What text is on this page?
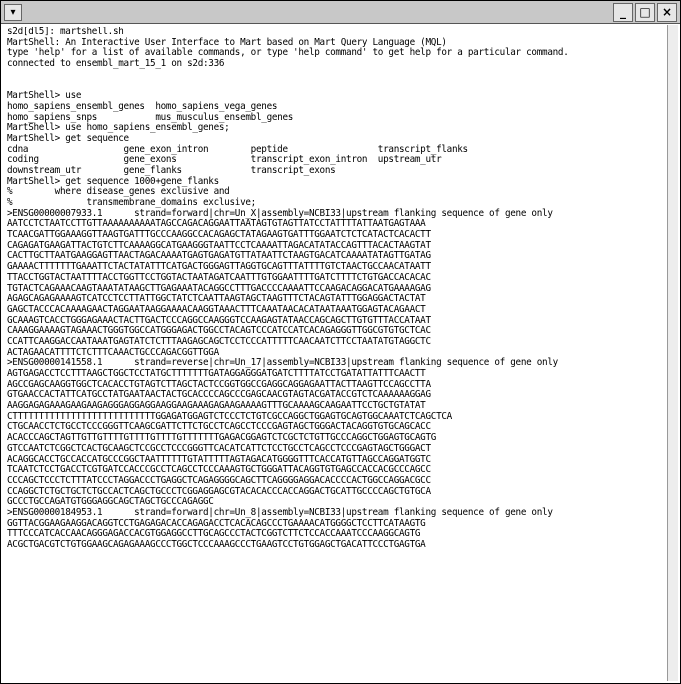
▾	_	□ ×
s2d[dl5]: martshell.sh
MartShell: An Interactive User Interface to Mart based on Mart Query Language (MQL)
type 'help' for a list of available commands, or type 'help command' to get help for a particular command.
connected to ensembl_mart_15_1 on s2d:336
MartShell> use
homo_sapiens_ensembl_genes  homo_sapiens_vega_genes
homo_sapiens_snps           mus_musculus_ensembl_genes
MartShell> use homo_sapiens_ensembl_genes;
MartShell> get sequence
cdna                  gene_exon_intron        peptide                 transcript_flanks
coding                gene_exons              transcript_exon_intron  upstream_utr
downstream_utr        gene_flanks             transcript_exons
MartShell> get sequence 1000+gene_flanks
%        where disease_genes exclusive and
%              transmembrane_domains exclusive;
>ENSG00000007933.1      strand=forward|chr=Un_X|assembly=NCBI33|upstream flanking sequence of gene only
AATCCTCTAATCCTTGTTAAAAAAAAAATAGCCAGACAGGAATTAATAGTGTAGTTATCCTATTTTATTAATGAGTAAA
TCAACGATTGGAAAGGTTAAGTGATTTGCCCAAGGCCACAGAGCTATAGAAGTGATTTGGAATCTCTCATACTCACACTT
CAGAGATGAAGATTACTGTCTTCAAAAGGCATGAAGGGTAATTCCTCAAAATTAGACATATACCAGTTTACACTAAGTAT
CACTTGCTTAATGAAGGAGTTAACTAGACAAAATGAGTGAGATGTTATAATTCTAAGTGACATCAAAATATAGTTGATAG
GAAAACTTTTTTTGAAATTCTACTATATTTCATGACTGGGAGTTAGGTGCAGTTTATTTTGTCTAACTGCCAACATAATT
TTACCTGGTACTAATTTTACCTGGTTCCTGGTACTAATAGATCAATTTGTGGAATTTTGATCTTTTCTGTGACCACACAC
TGTACTCAGAAACAAGTAAATATAAGCTTGAGAAATACAGGCCTTTGACCCCAAAATTCCAAGACAGGACATGAAAAGAG
AGAGCAGAGAAAAGTCATCCTCCTTATTGGCTATCTCAATTAAGTAGCTAAGTTTCTACAGTATTTGGAGGACTACTAT
GAGCTACCCACAAAAGAACTAGGAATAAGGAAAACAAGGTAAACTTTCAAATAACACATAATAAATGGAGTACAGAACT
GCAAAGTCACCTGGGAGAAACTACTTGACTCCCAGGCCAAGGGTCCAAGAGTATAACCAGCAGCTTGTGTTTACCATAAT
CAAAGGAAAAGTAGAAACTGGGTGGCCATGGGAGACTGGCCTACAGTCCCATCCATCACAGAGGGTTGGCGTGTGCTCAC
CCATTCAAGGACCAATAAATGAGTATCTCTTTAAGAGCAGCTCCTCCCATTTTTCAACAATCTTCCTAATATGTAGGCTC
ACTAGAACATTTTCTCTTTCAAACTGCCCAGACGGTTGGA
>ENSG00000141558.1      strand=reverse|chr=Un_17|assembly=NCBI33|upstream flanking sequence of gene only
AGTGAGACCTCCTTTAAGCTGGCTCCTATGCTTTTTTTGATAGGAGGGATGATCTTTTATCCTGATATTATTTCAACTT
AGCCGAGCAAGGTGGCTCACACCTGTAGTCTTAGCTACTCCGGTGGCCGAGGCAGGAGAATTACTTAAGTTCCAGCCTTA
GTGAACCACTATTCATGCCTATGAATAACTACTGCACCCCAGCCCGAGCAACGTAGTACGATACCGTCTCAAAAAAGGAG
AAGGAGAGAAAGAAGAAGAGGGAGGAGGAAGGAAGAAAGAGAAGAAAAGTTTGCAAAAGCAAGAATTCCTGCTGTATAT
CTTTTTTTTTTTTTTTTTTTTTTTTTTTGGAGATGGAGTCTCCCTCTGTCGCCAGGCTGGAGTGCAGTGGCAAATCTCAGCTCA
CTGCAACCTCTGCCTCCCGGGTTCAAGCGATTCTTCTGCCTCAGCCTCCCGAGTAGCTGGGACTACAGGTGTGCAGCACC
ACACCCAGCTAGTTGTTGTTTTGTTTTGTTTTGTTTTTTTGAGACGGAGTCTCGCTCTGTTGCCCAGGCTGGAGTGCAGTG
GTCCAATCTCGGCTCACTGCAAGCTCCGCCTCCCGGGTTCACATCATTCTCCTGCCTCAGCCTCCCGAGTAGCTGGGACT
ACAGGCACCTGCCACCATGCCCGGCTAATTTTTTGTATTTTTAGTAGACATGGGGTTTCACCATGTTAGCCAGGATGGTC
TCAATCTCCTGACCTCGTGATCCACCCGCCTCAGCCTCCCAAAGTGCTGGGATTACAGGTGTGAGCCACCACGCCCAGCC
CCCAGCTCCCTCTTTATCCCTAGGACCCTGAGGCTCAGAGGGGCAGCTTCAGGGGAGGACACCCCACTGGCCAGGACGCC
CCAGGCTCTGCTGCTCTGCCACTCAGCTGCCCTCGGAGGAGCGTACACACCCACCAGGACTGCATTGCCCCAGCTGTGCA
GCCCTGCCAGATGTGGGAGGCAGCTAGCTGCCCAGAGGC
>ENSG00000184953.1      strand=forward|chr=Un_8|assembly=NCBI33|upstream flanking sequence of gene only
GGTTACGGAAGAAGGACAGGTCCTGAGAGACACCAGAGACCTCACACAGCCCTGAAAACATGGGGCTCCTTCATAAGTG
TTTCCCATCACCAACAGGGAGACCACGTGGAGGCCTTGCAGCCCTACTCGGTCTTCTCCACCAAATCCCAAGGCAGTG
ACGCTGACGTCTGTGGAAGCAGAGAAAGCCCTGGCTCCCAAAGCCCTGAAGTCCTGTGGAGCTGACATTCCCTGAGTGA
